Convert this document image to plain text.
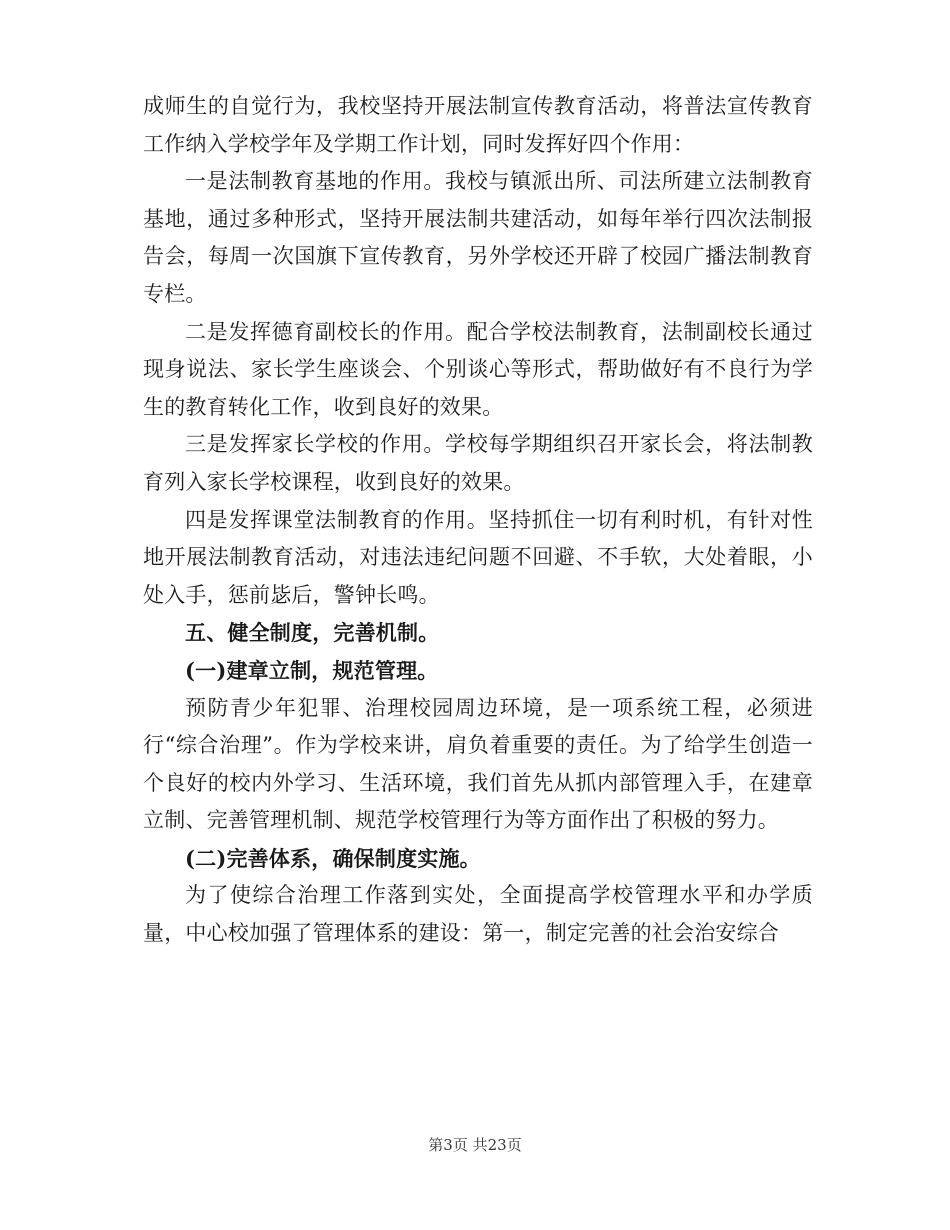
成师生的自觉行为，我校坚持开展法制宣传教育活动，将普法宣传教育工作纳入学校学年及学期工作计划，同时发挥好四个作用：

一是法制教育基地的作用。我校与镇派出所、司法所建立法制教育基地，通过多种形式，坚持开展法制共建活动，如每年举行四次法制报告会，每周一次国旗下宣传教育，另外学校还开辟了校园广播法制教育专栏。

二是发挥德育副校长的作用。配合学校法制教育，法制副校长通过现身说法、家长学生座谈会、个别谈心等形式，帮助做好有不良行为学生的教育转化工作，收到良好的效果。

三是发挥家长学校的作用。学校每学期组织召开家长会，将法制教育列入家长学校课程，收到良好的效果。

四是发挥课堂法制教育的作用。坚持抓住一切有利时机，有针对性地开展法制教育活动，对违法违纪问题不回避、不手软，大处着眼，小处入手，惩前毖后，警钟长鸣。

五、健全制度，完善机制。

(一)建章立制，规范管理。

预防青少年犯罪、治理校园周边环境，是一项系统工程，必须进行“综合治理”。作为学校来讲，肩负着重要的责任。为了给学生创造一个良好的校内外学习、生活环境，我们首先从抓内部管理入手，在建章立制、完善管理机制、规范学校管理行为等方面作出了积极的努力。

(二)完善体系，确保制度实施。

为了使综合治理工作落到实处，全面提高学校管理水平和办学质量，中心校加强了管理体系的建设：第一，制定完善的社会治安综合

第3页 共23页
